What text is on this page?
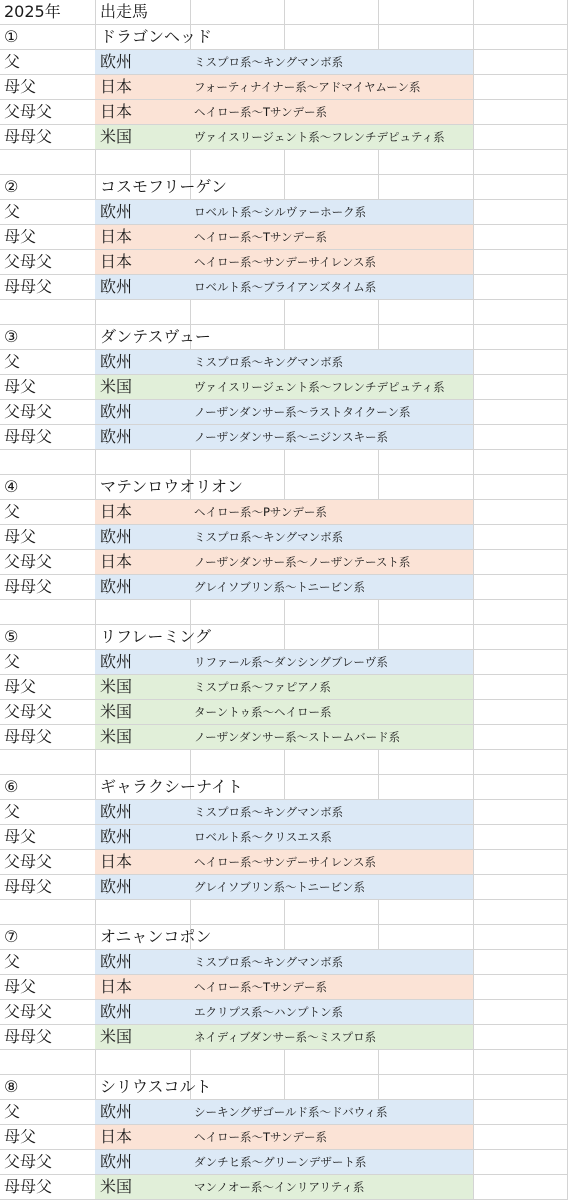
2025年 出走馬
①	ドラゴンヘッド
父	欧州	ミスプロ系～キングマンボ系
母父	日本	フォーティナイナー系～アドマイヤムーン系
父母父	日本	ヘイロー系～Tサンデー系
母母父	米国	ヴァイスリージェント系～フレンチデピュティ系
②	コスモフリーゲン
父	欧州	ロベルト系～シルヴァーホーク系
母父	日本	ヘイロー系～Tサンデー系
父母父	日本	ヘイロー系～サンデーサイレンス系
母母父	欧州	ロベルト系～ブライアンズタイム系
③	ダンテスヴュー
父	欧州	ミスプロ系～キングマンボ系
母父	米国	ヴァイスリージェント系～フレンチデピュティ系
父母父	欧州	ノーザンダンサー系～ラストタイクーン系
母母父	欧州	ノーザンダンサー系～ニジンスキー系
④	マテンロウオリオン
父	日本	ヘイロー系～Pサンデー系
母父	欧州	ミスプロ系～キングマンボ系
父母父	日本	ノーザンダンサー系～ノーザンテースト系
母母父	欧州	グレイソブリン系～トニービン系
⑤	リフレーミング
父	欧州	リファール系～ダンシングブレーヴ系
母父	米国	ミスプロ系～ファピアノ系
父母父	米国	ターントゥ系～ヘイロー系
母母父	米国	ノーザンダンサー系～ストームバード系
⑥	ギャラクシーナイト
父	欧州	ミスプロ系～キングマンボ系
母父	欧州	ロベルト系～クリスエス系
父母父	日本	ヘイロー系～サンデーサイレンス系
母母父	欧州	グレイソブリン系～トニービン系
⑦	オニャンコポン
父	欧州	ミスプロ系～キングマンボ系
母父	日本	ヘイロー系～Tサンデー系
父母父	欧州	エクリプス系～ハンプトン系
母母父	米国	ネイディブダンサー系～ミスプロ系
⑧	シリウスコルト
父	欧州	シーキングザゴールド系～ドバウィ系
母父	日本	ヘイロー系～Tサンデー系
父母父	欧州	ダンチヒ系～グリーンデザート系
母母父	米国	マンノオー系～インリアリティ系
